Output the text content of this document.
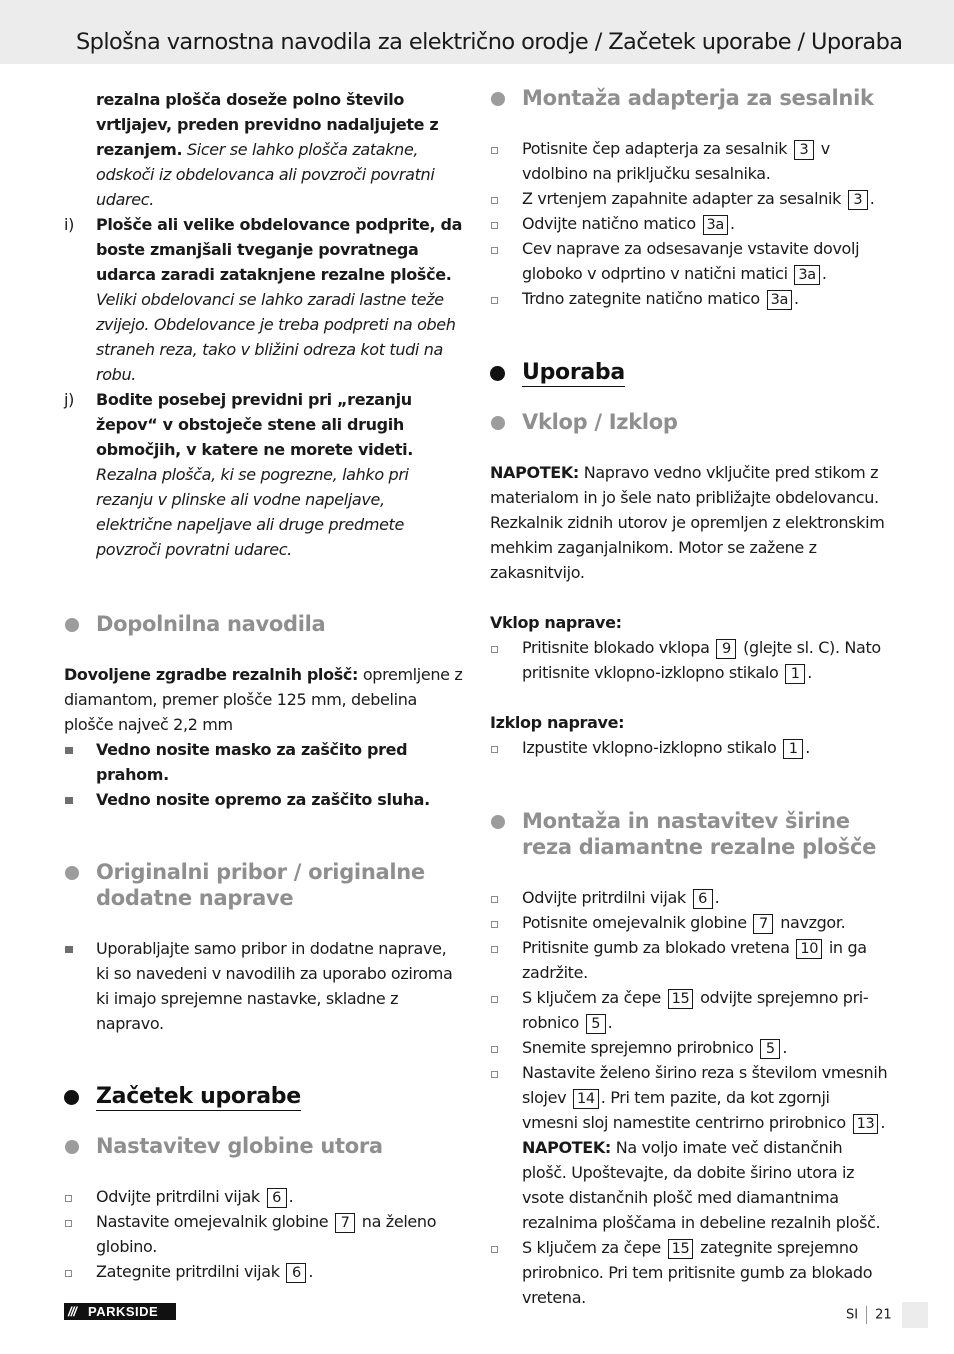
Splošna varnostna navodila za električno orodje / Začetek uporabe / Uporaba

rezalna plošča doseže polno število vrtljajev, preden previdno nadaljujete z rezanjem. Sicer se lahko plošča zatakne, odskoči iz obdelovanca ali povzroči povratni udarec.

i) Plošče ali velike obdelovance podprite, da boste zmanjšali tveganje povratnega udarca zaradi zataknjene rezalne plošče. Veliki obdelovanci se lahko zaradi lastne teže zvijejo. Obdelovance je treba podpreti na obeh straneh reza, tako v bližini odreza kot tudi na robu.

j) Bodite posebej previdni pri „rezanju žepov“ v obstoječe stene ali drugih območjih, v katere ne morete videti. Rezalna plošča, ki se pogrezne, lahko pri rezanju v plinske ali vodne napeljave, električne napeljave ali druge predmete povzroči povratni udarec.

Dopolnilna navodila

Dovoljene zgradbe rezalnih plošč: opremljene z diamantom, premer plošče 125 mm, debelina plošče največ 2,2 mm

Vedno nosite masko za zaščito pred prahom.

Vedno nosite opremo za zaščito sluha.

Originalni pribor / originalne dodatne naprave

Uporabljajte samo pribor in dodatne naprave, ki so navedeni v navodilih za uporabo oziroma ki imajo sprejemne nastavke, skladne z napravo.

Začetek uporabe
Nastavitev globine utora

Odvijte pritrdilni vijak 6 .

Nastavite omejevalnik globine 7 na želeno globino.

Zategnite pritrdilni vijak 6 .

Montaža adapterja za sesalnik

Potisnite čep adapterja za sesalnik 3 v vdolbino na priključku sesalnika.

Z vrtenjem zapahnite adapter za sesalnik 3 .

Odvijte natično matico 3a .

Cev naprave za odsesavanje vstavite dovolj globoko v odprtino v natični matici 3a .

Trdno zategnite natično matico 3a .

Uporaba
Vklop / Izklop

NAPOTEK: Napravo vedno vključite pred stikom z materialom in jo šele nato približajte obdelovancu. Rezkalnik zidnih utorov je opremljen z elektronskim mehkim zaganjalnikom. Motor se zažene z zakasnitvijo.

Vklop naprave:

Pritisnite blokado vklopa 9 (glejte sl. C). Nato pritisnite vklopno-izklopno stikalo 1 .

Izklop naprave:

Izpustite vklopno-izklopno stikalo 1 .

Montaža in nastavitev širine reza diamantne rezalne plošče

Odvijte pritrdilni vijak 6 .

Potisnite omejevalnik globine 7 navzgor.

Pritisnite gumb za blokado vretena 10 in ga zadržite.

S ključem za čepe 15 odvijte sprejemno pri-robnico 5 .

Snemite sprejemno prirobnico 5 .

Nastavite želeno širino reza s številom vmesnih slojev 14 . Pri tem pazite, da kot zgornji vmesni sloj namestite centrirno prirobnico 13 .
NAPOTEK: Na voljo imate več distančnih plošč. Upoštevajte, da dobite širino utora iz vsote distančnih plošč med diamantnima rezalnima ploščama in debeline rezalnih plošč.

S ključem za čepe 15 zategnite sprejemno prirobnico. Pri tem pritisnite gumb za blokado vretena.

/// PARKSIDE	SI 21
